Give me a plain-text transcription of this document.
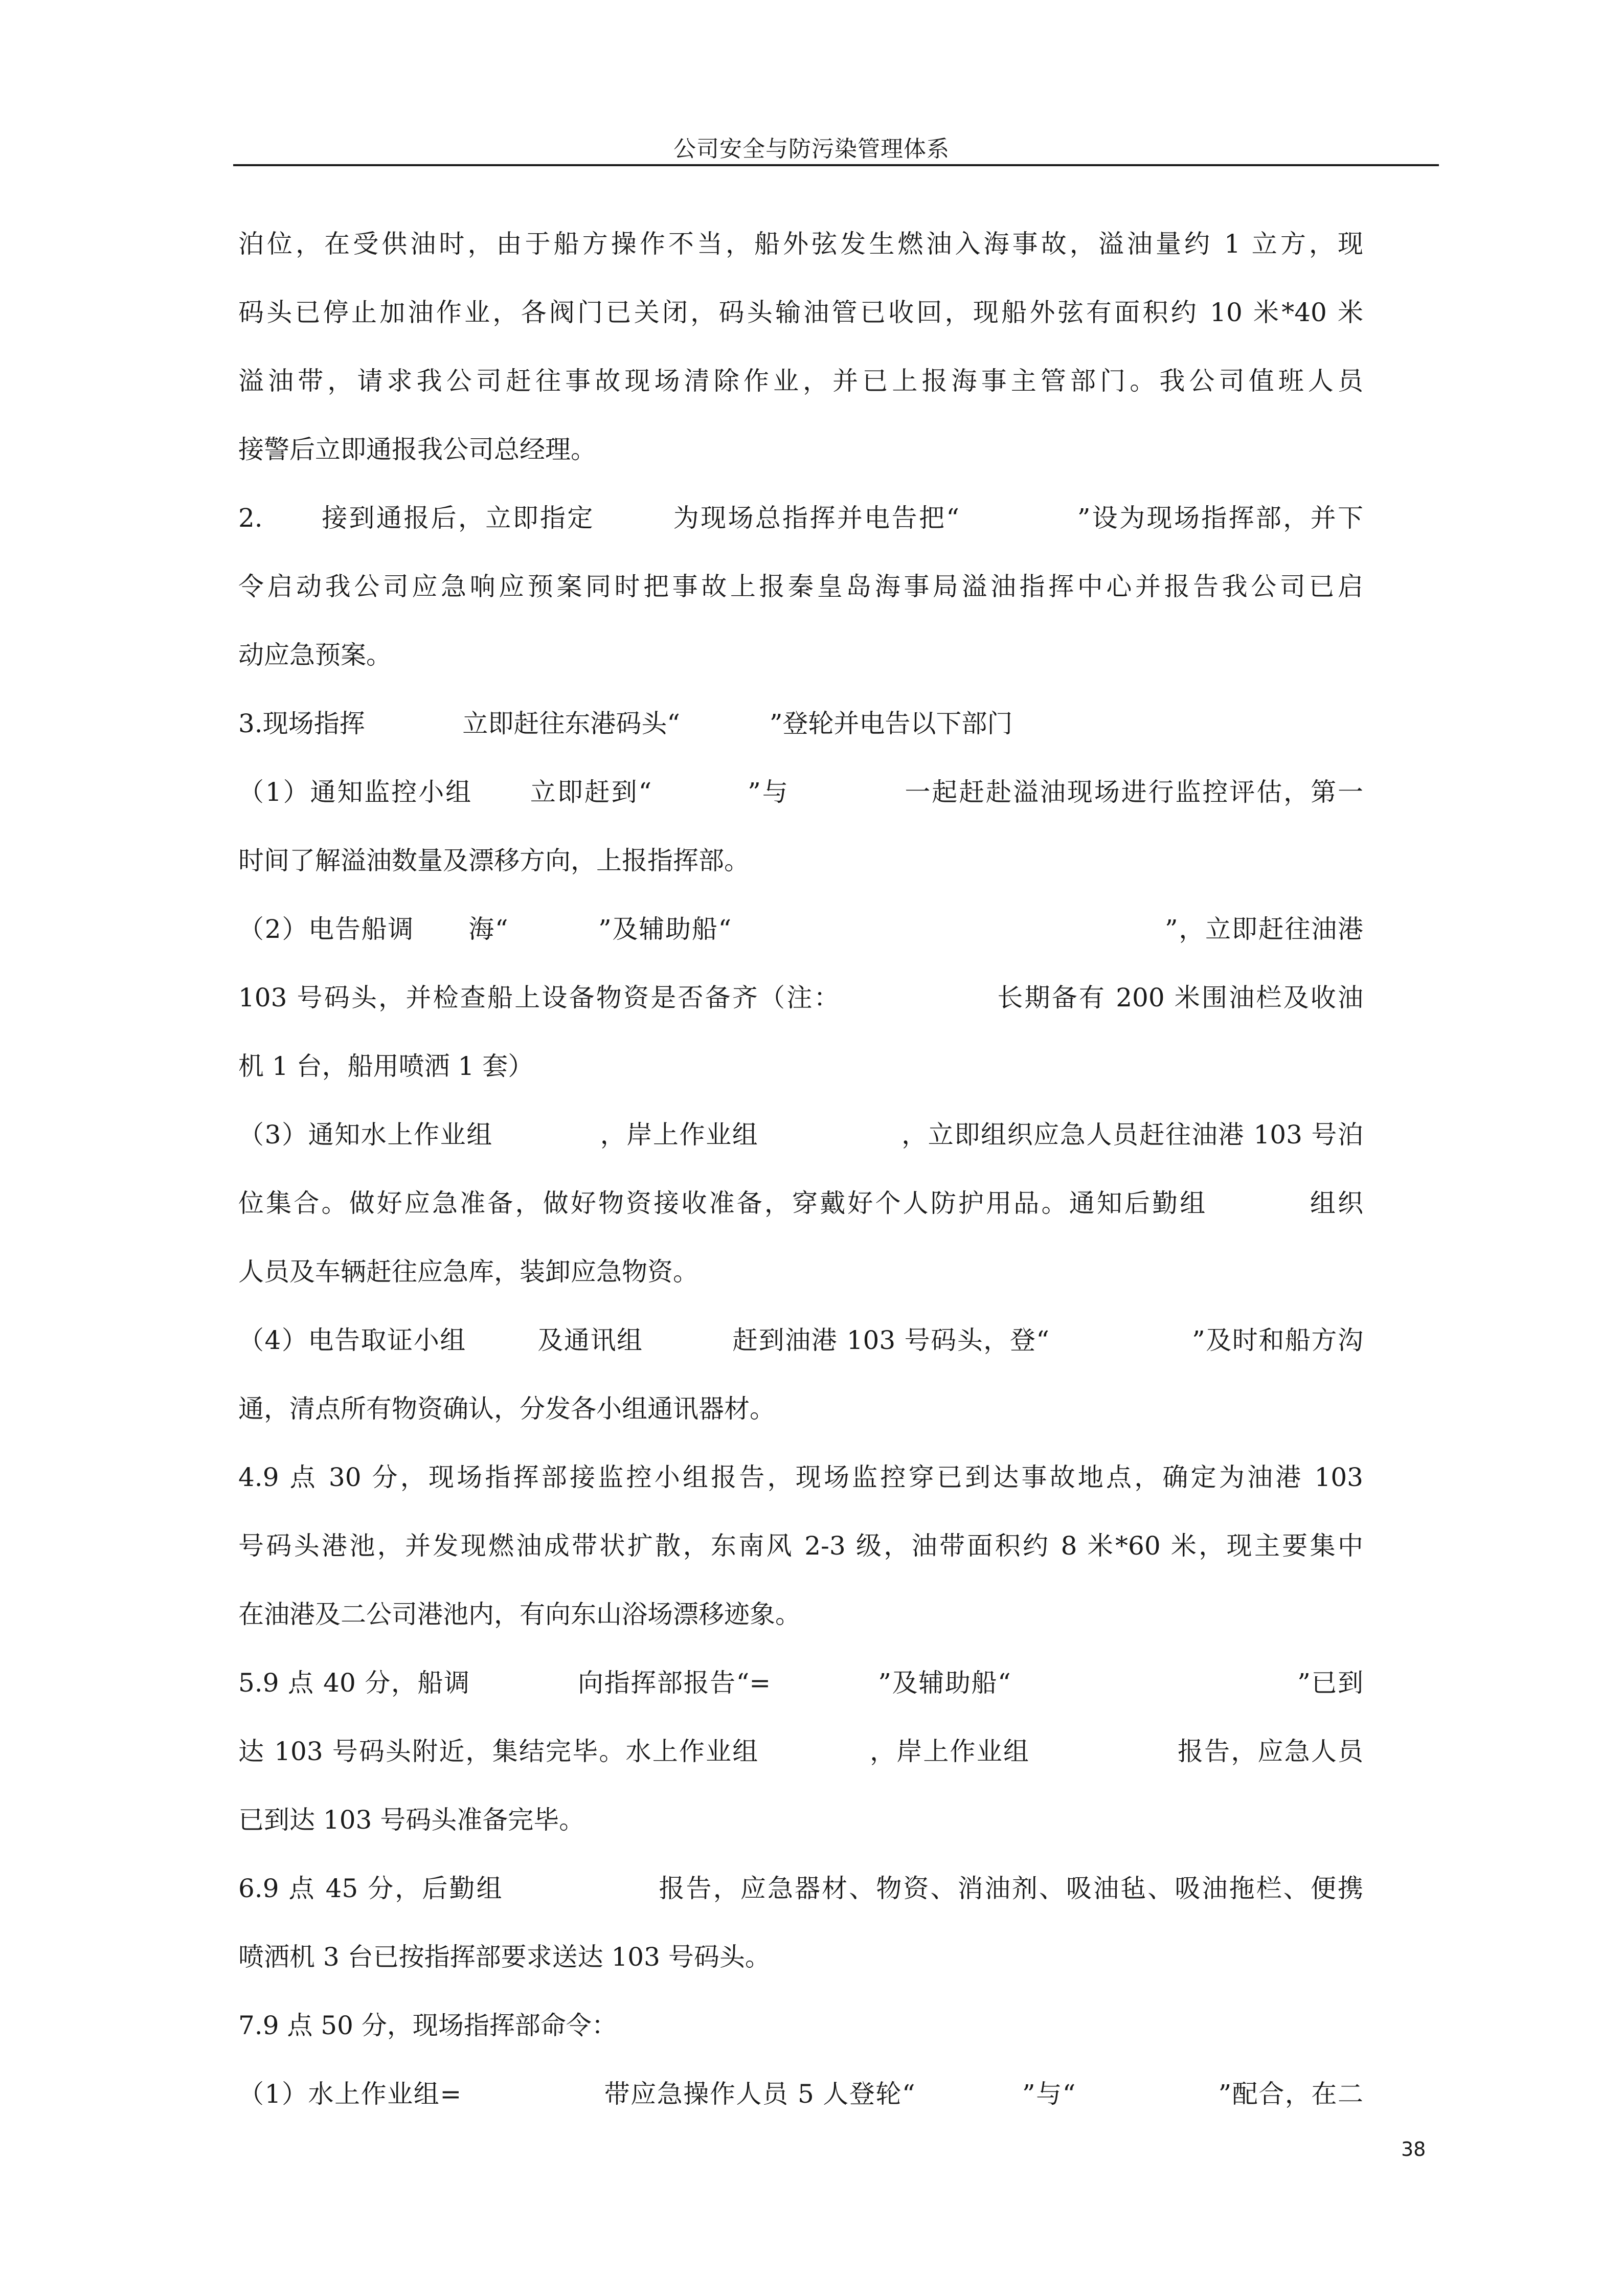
公司安全与防污染管理体系
泊位，在受供油时，由于船方操作不当，船外弦发生燃油入海事故，溢油量约 1 立方，现
码头已停止加油作业，各阀门已关闭，码头输油管已收回，现船外弦有面积约 10 米*40 米
溢油带，请求我公司赶往事故现场清除作业，并已上报海事主管部门。我公司值班人员
接警后立即通报我公司总经理。
2.      接到通报后，立即指定        为现场总指挥并电告把“            ”设为现场指挥部，并下
令启动我公司应急响应预案同时把事故上报秦皇岛海事局溢油指挥中心并报告我公司已启
动应急预案。
3.现场指挥            立即赶往东港码头“           ”登轮并电告以下部门
（1）通知监控小组      立即赶到“          ”与            一起赶赴溢油现场进行监控评估，第一
时间了解溢油数量及漂移方向，上报指挥部。
（2）电告船调      海“          ”及辅助船“                                                ”，立即赶往油港
103 号码头，并检查船上设备物资是否备齐（注：                长期备有 200 米围油栏及收油
机 1 台，船用喷洒 1 套）
（3）通知水上作业组            ，岸上作业组                ，立即组织应急人员赶往油港 103 号泊
位集合。做好应急准备，做好物资接收准备，穿戴好个人防护用品。通知后勤组          组织
人员及车辆赶往应急库，装卸应急物资。
（4）电告取证小组        及通讯组          赶到油港 103 号码头，登“                ”及时和船方沟
通，清点所有物资确认，分发各小组通讯器材。
4.9 点 30 分，现场指挥部接监控小组报告，现场监控穿已到达事故地点，确定为油港 103
号码头港池，并发现燃油成带状扩散，东南风 2-3 级，油带面积约 8 米*60 米，现主要集中
在油港及二公司港池内，有向东山浴场漂移迹象。
5.9 点 40 分，船调            向指挥部报告“=            ”及辅助船“                                ”已到
达 103 号码头附近，集结完毕。水上作业组            ，岸上作业组                报告，应急人员
已到达 103 号码头准备完毕。
6.9 点 45 分，后勤组                报告，应急器材、物资、消油剂、吸油毡、吸油拖栏、便携
喷洒机 3 台已按指挥部要求送达 103 号码头。
7.9 点 50 分，现场指挥部命令：
（1）水上作业组=                带应急操作人员 5 人登轮“            ”与“                ”配合，在二
38
